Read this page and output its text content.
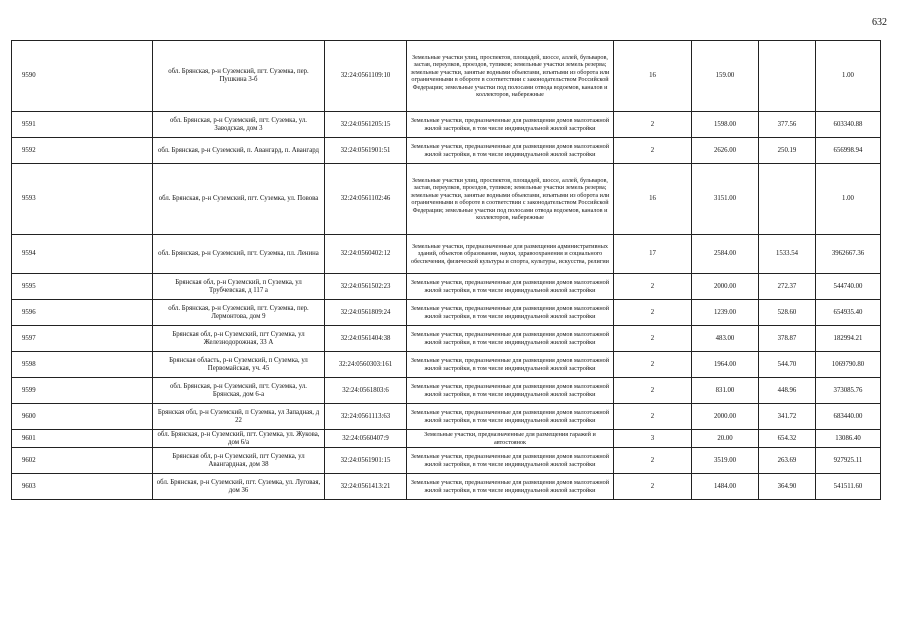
632
9590	обл. Брянская, р-н Суземский, пгт. Суземка, пер. Пушкина 3-б	32:24:0561109:10	Земельные участки улиц, проспектов, площадей, шоссе, аллей, бульваров, застав, переулков, проездов, тупиков; земельные участки земель резерва; земельные участки, занятые водными объектами, изъятыми из оборота или ограниченными в обороте в соответствии с законодательством Российской Федерации; земельные участки под полосами отвода водоемов, каналов и коллекторов, набережные	16	159.00		1.00
9591	обл. Брянская, р-н Суземский, пгт. Суземка, ул. Заводская, дом 3	32:24:0561205:15	Земельные участки, предназначенные для размещения домов малоэтажной жилой застройки, в том числе индивидуальной жилой застройки	2	1598.00	377.56	603340.88
9592	обл. Брянская, р-н Суземский, п. Авангард, п. Авангард	32:24:0561901:51	Земельные участки, предназначенные для размещения домов малоэтажной жилой застройки, в том числе индивидуальной жилой застройки	2	2626.00	250.19	656998.94
9593	обл. Брянская, р-н Суземский, пгт. Суземка, ул. Повова	32:24:0561102:46	Земельные участки улиц, проспектов, площадей, шоссе, аллей, бульваров, застав, переулков, проездов, тупиков; земельные участки земель резерва; земельные участки, занятые водными объектами, изъятыми из оборота или ограниченными в обороте в соответствии с законодательством Российской Федерации; земельные участки под полосами отвода водоемов, каналов и коллекторов, набережные	16	3151.00		1.00
9594	обл. Брянская, р-н Суземский, пгт. Суземка, пл. Ленина	32:24:0560402:12	Земельные участки, предназначенные для размещения административных зданий, объектов образования, науки, здравоохранения и социального обеспечения, физической культуры и спорта, культуры, искусства, религии	17	2584.00	1533.54	3962667.36
9595	Брянская обл, р-н Суземский, п Суземка, ул Трубчевская, д 117 а	32:24:0561502:23	Земельные участки, предназначенные для размещения домов малоэтажной жилой застройки, в том числе индивидуальной жилой застройки	2	2000.00	272.37	544740.00
9596	обл. Брянская, р-н Суземский, пгт. Суземка, пер. Лермонтова, дом 9	32:24:0561809:24	Земельные участки, предназначенные для размещения домов малоэтажной жилой застройки, в том числе индивидуальной жилой застройки	2	1239.00	528.60	654935.40
9597	Брянская обл, р-н Суземский, пгт Суземка, ул Железнодорожная, 33 А	32:24:0561404:38	Земельные участки, предназначенные для размещения домов малоэтажной жилой застройки, в том числе индивидуальной жилой застройки	2	483.00	378.87	182994.21
9598	Брянская область, р-н Суземский, п Суземка, ул Первомайская, уч. 45	32:24:0560303:161	Земельные участки, предназначенные для размещения домов малоэтажной жилой застройки, в том числе индивидуальной жилой застройки	2	1964.00	544.70	1069790.80
9599	обл. Брянская, р-н Суземский, пгт. Суземка, ул. Брянская, дом 6-а	32:24:0561803:6	Земельные участки, предназначенные для размещения домов малоэтажной жилой застройки, в том числе индивидуальной жилой застройки	2	831.00	448.96	373085.76
9600	Брянская обл, р-н Суземский, п Суземка, ул Западная, д 22	32:24:0561113:63	Земельные участки, предназначенные для размещения домов малоэтажной жилой застройки, в том числе индивидуальной жилой застройки	2	2000.00	341.72	683440.00
9601	обл. Брянская, р-н Суземский, пгт. Суземка, ул. Жукова, дом 6/а	32:24:0560407:9	Земельные участки, предназначенные для размещения гаражей и автостоянок	3	20.00	654.32	13086.40
9602	Брянская обл, р-н Суземский, пгт Суземка, ул Авангардная, дом 38	32:24:0561901:15	Земельные участки, предназначенные для размещения домов малоэтажной жилой застройки, в том числе индивидуальной жилой застройки	2	3519.00	263.69	927925.11
9603	обл. Брянская, р-н Суземский, пгт. Суземка, ул. Луговая, дом 36	32:24:0561413:21	Земельные участки, предназначенные для размещения домов малоэтажной жилой застройки, в том числе индивидуальной жилой застройки	2	1484.00	364.90	541511.60
